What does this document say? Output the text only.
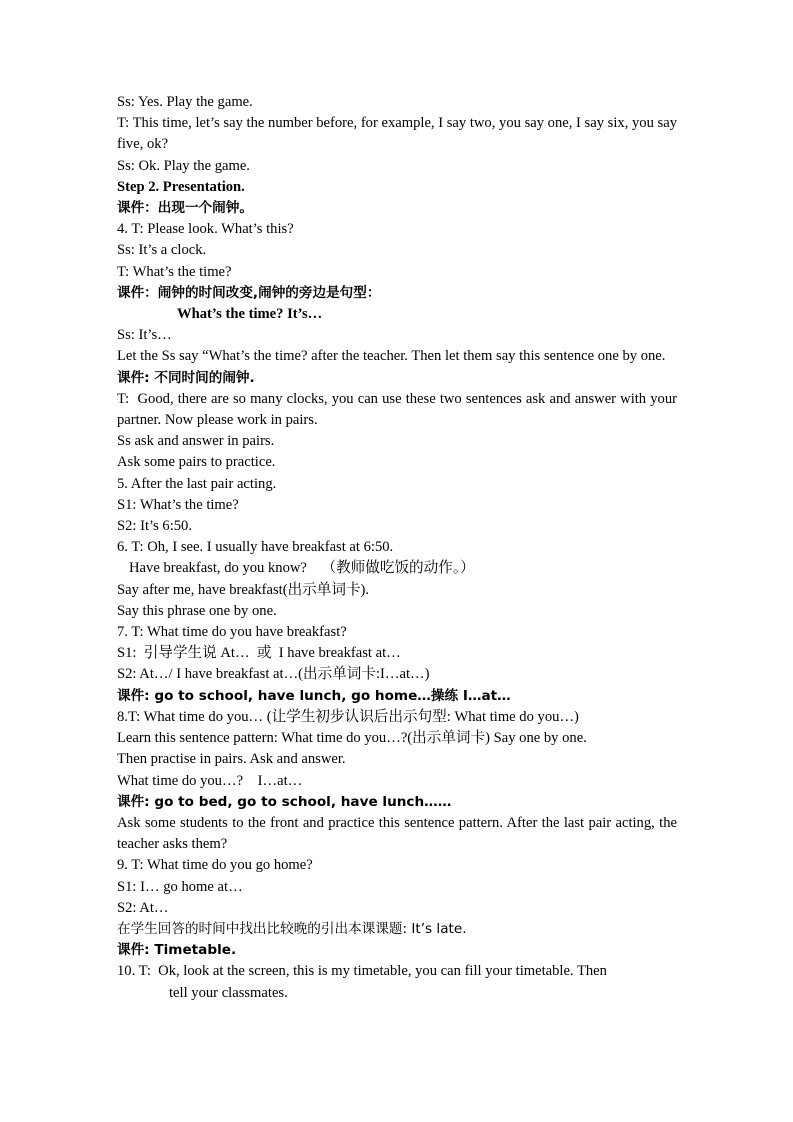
Ss: Yes. Play the game.

T: This time, let’s say the number before, for example, I say two, you say one, I say six, you say five, ok?

Ss: Ok. Play the game.

Step 2. Presentation.

课件：出现一个闹钟。

4. T: Please look. What’s this?

Ss: It’s a clock.

T: What’s the time?

课件：闹钟的时间改变,闹钟的旁边是句型：

What’s the time? It’s…

Ss: It’s…

Let the Ss say “What’s the time? after the teacher. Then let them say this sentence one by one.

课件: 不同时间的闹钟.

T:  Good, there are so many clocks, you can use these two sentences ask and answer with your partner. Now please work in pairs.

Ss ask and answer in pairs.

Ask some pairs to practice.

5. After the last pair acting.

S1: What’s the time?

S2: It’s 6:50.

6. T: Oh, I see. I usually have breakfast at 6:50.

Have breakfast, do you know?    （教师做吃饭的动作。）

Say after me, have breakfast(出示单词卡).

Say this phrase one by one.

7. T: What time do you have breakfast?

S1:  引导学生说 At…  或  I have breakfast at…

S2: At…/ I have breakfast at…(出示单词卡:I…at…)

课件: go to school, have lunch, go home…操练 I…at…

8.T: What time do you… (让学生初步认识后出示句型: What time do you…)

Learn this sentence pattern: What time do you…?(出示单词卡) Say one by one.

Then practise in pairs. Ask and answer.

What time do you…?    I…at…

课件: go to bed, go to school, have lunch……

Ask some students to the front and practice this sentence pattern. After the last pair acting, the teacher asks them?

9. T: What time do you go home?

S1: I… go home at…

S2: At…

在学生回答的时间中找出比较晚的引出本课课题: It’s late.

课件: Timetable.

10. T:  Ok, look at the screen, this is my timetable, you can fill your timetable. Then

tell your classmates.
